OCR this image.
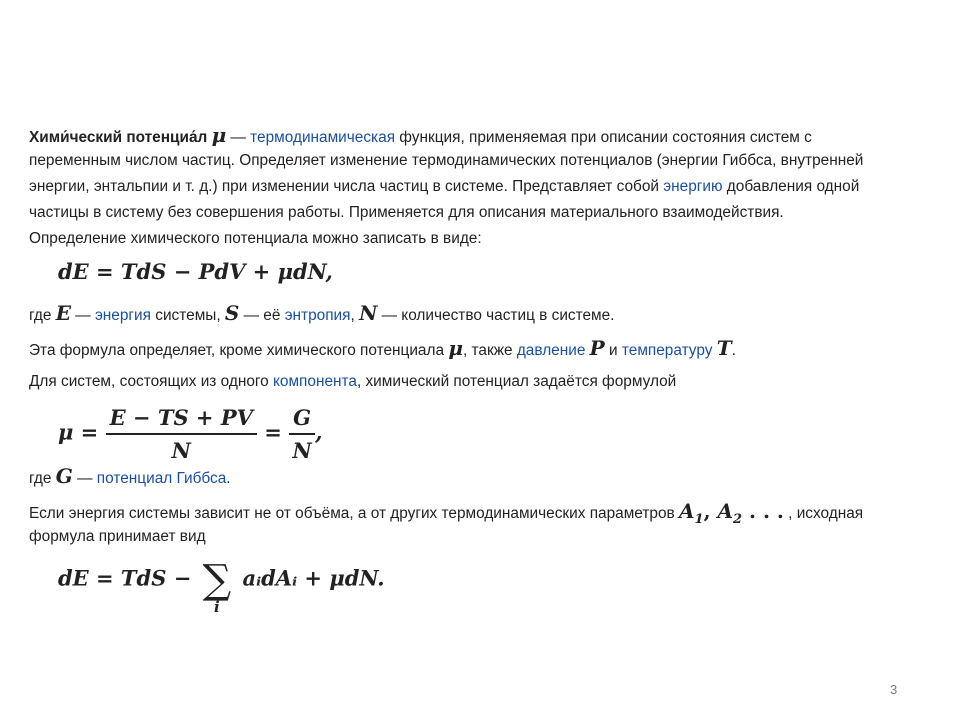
Хими́ческий потенциа́л μ — термодинамическая функция, применяемая при описании состояния систем с
переменным числом частиц. Определяет изменение термодинамических потенциалов (энергии Гиббса, внутренней
энергии, энтальпии и т. д.) при изменении числа частиц в системе. Представляет собой энергию добавления одной
частицы в систему без совершения работы. Применяется для описания материального взаимодействия.
Определение химического потенциала можно записать в виде:
dE = TdS − PdV + μdN,
где E — энергия системы, S — её энтропия, N — количество частиц в системе.
Эта формула определяет, кроме химического потенциала μ, также давление P и температуру T.
Для систем, состоящих из одного компонента, химический потенциал задаётся формулой
$\mu = \frac{E - TS + PV}{N} = \frac{G}{N}$ ,
где G — потенциал Гиббса.
Если энергия системы зависит не от объёма, а от других термодинамических параметров $A_1$, $A_2$ . . . , исходная
формула принимает вид
dE = TdS − ∑
i
aᵢdAᵢ + μdN.
3
